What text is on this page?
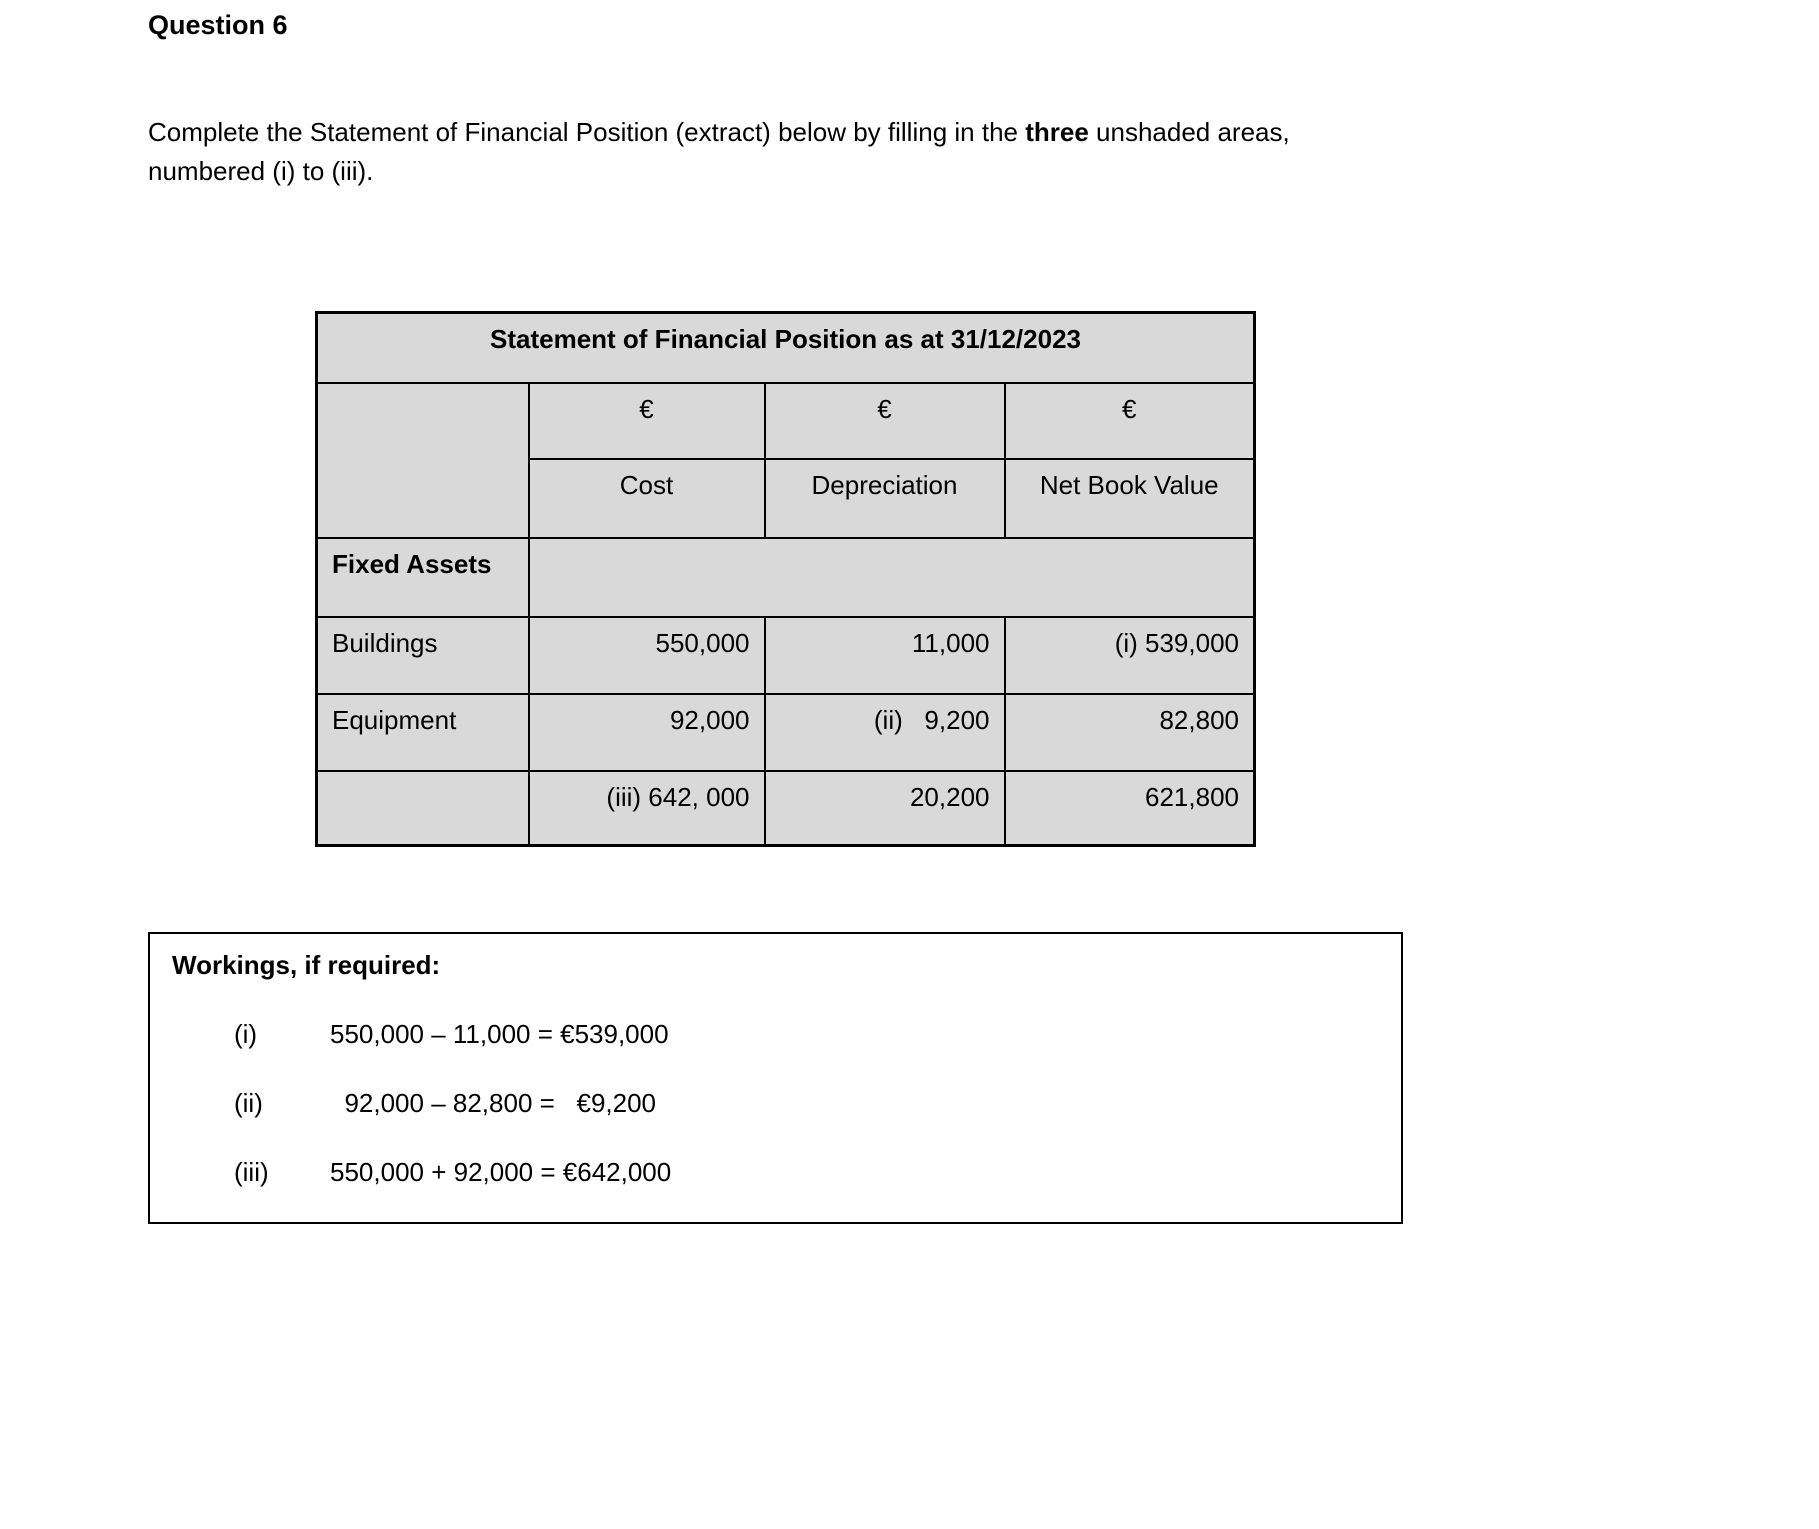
Question 6

Complete the Statement of Financial Position (extract) below by filling in the three unshaded areas, numbered (i) to (iii).

Statement of Financial Position as at 31/12/2023			
	€	€	€
	Cost	Depreciation	Net Book Value
Fixed Assets			
Buildings	550,000	11,000	(i) 539,000
Equipment	92,000	(ii)   9,200	82,800
	(iii) 642, 000	20,200	621,800
Workings, if required:
(i)	550,000 – 11,000 = €539,000
(ii)	92,000 – 82,800 =   €9,200
(iii)	550,000 + 92,000 = €642,000
